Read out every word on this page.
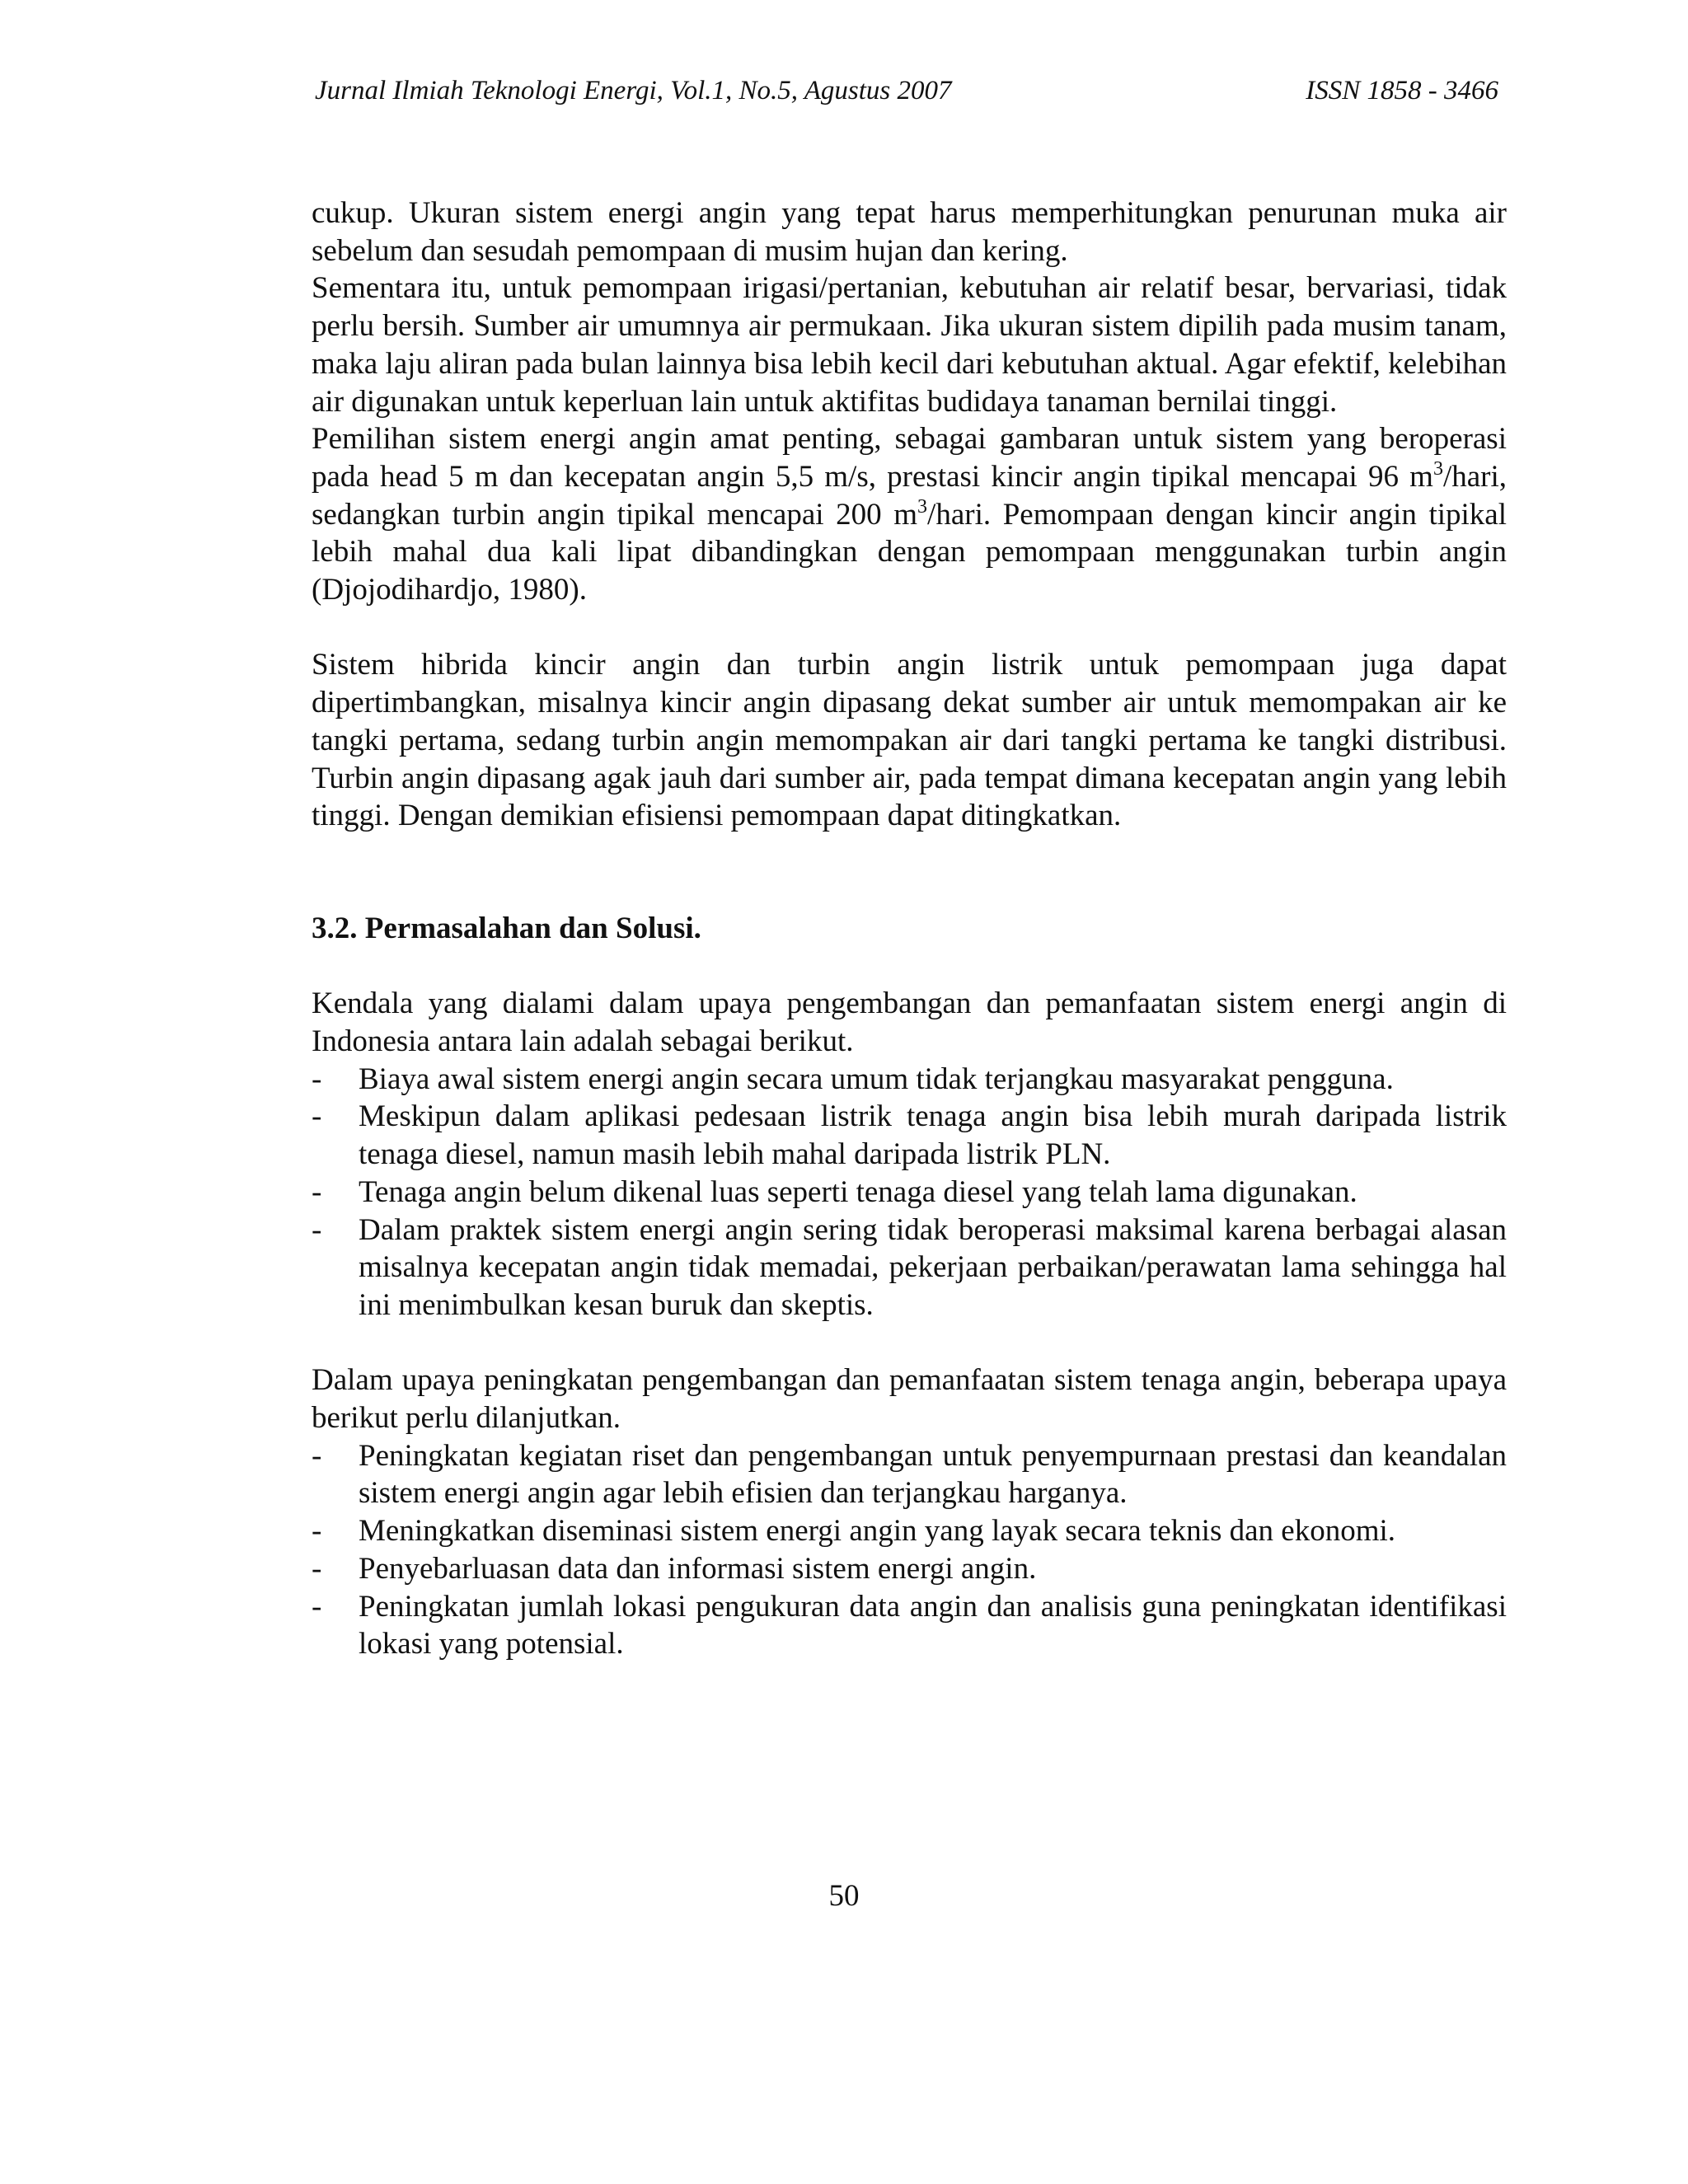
Jurnal Ilmiah Teknologi Energi, Vol.1, No.5, Agustus 2007	ISSN 1858 - 3466

cukup. Ukuran sistem energi angin yang tepat harus memperhitungkan penurunan muka air sebelum dan sesudah pemompaan di musim hujan dan kering.

Sementara itu, untuk pemompaan irigasi/pertanian, kebutuhan air relatif besar, bervariasi, tidak perlu bersih. Sumber air umumnya air permukaan. Jika ukuran sistem dipilih pada musim tanam, maka laju aliran pada bulan lainnya bisa lebih kecil dari kebutuhan aktual. Agar efektif, kelebihan air digunakan untuk keperluan lain untuk aktifitas budidaya tanaman bernilai tinggi.

Pemilihan sistem energi angin amat penting, sebagai gambaran untuk sistem yang beroperasi pada head 5 m dan kecepatan angin 5,5 m/s, prestasi kincir angin tipikal mencapai 96 $m^3$/hari, sedangkan turbin angin tipikal mencapai 200 $m^3$/hari. Pemompaan dengan kincir angin tipikal lebih mahal dua kali lipat dibandingkan dengan pemompaan menggunakan turbin angin (Djojodihardjo, 1980).

Sistem hibrida kincir angin dan turbin angin listrik untuk pemompaan juga dapat dipertimbangkan, misalnya kincir angin dipasang dekat sumber air untuk memompakan air ke tangki pertama, sedang turbin angin memompakan air dari tangki pertama ke tangki distribusi. Turbin angin dipasang agak jauh dari sumber air, pada tempat dimana kecepatan angin yang lebih tinggi. Dengan demikian efisiensi pemompaan dapat ditingkatkan.

3.2. Permasalahan dan Solusi.

Kendala yang dialami dalam upaya pengembangan dan pemanfaatan sistem energi angin di Indonesia antara lain adalah sebagai berikut.

- Biaya awal sistem energi angin secara umum tidak terjangkau masyarakat pengguna.
- Meskipun dalam aplikasi pedesaan listrik tenaga angin bisa lebih murah daripada listrik tenaga diesel, namun masih lebih mahal daripada listrik PLN.
- Tenaga angin belum dikenal luas seperti tenaga diesel yang telah lama digunakan.
- Dalam praktek sistem energi angin sering tidak beroperasi maksimal karena berbagai alasan misalnya kecepatan angin tidak memadai, pekerjaan perbaikan/perawatan lama sehingga hal ini menimbulkan kesan buruk dan skeptis.

Dalam upaya peningkatan pengembangan dan pemanfaatan sistem tenaga angin, beberapa upaya berikut perlu dilanjutkan.

- Peningkatan kegiatan riset dan pengembangan untuk penyempurnaan prestasi dan keandalan sistem energi angin agar lebih efisien dan terjangkau harganya.
- Meningkatkan diseminasi sistem energi angin yang layak secara teknis dan ekonomi.
- Penyebarluasan data dan informasi sistem energi angin.
- Peningkatan jumlah lokasi pengukuran data angin dan analisis guna peningkatan identifikasi lokasi yang potensial.
50
